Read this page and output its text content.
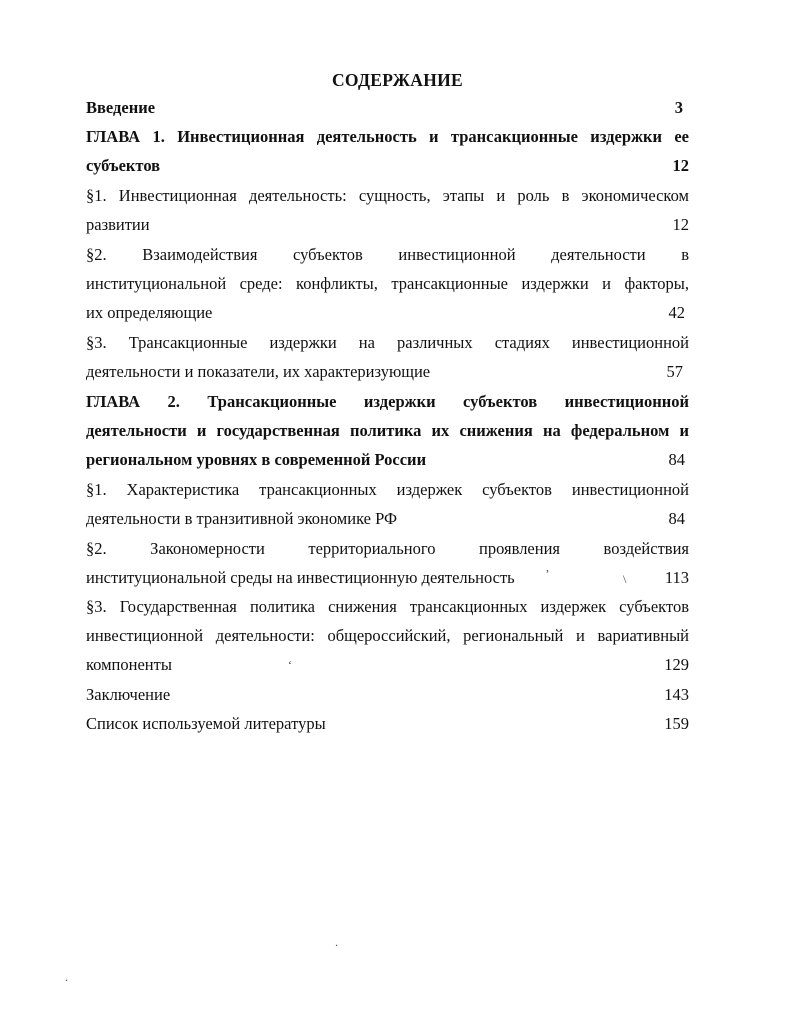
СОДЕРЖАНИЕ
Введение	3
ГЛАВА 1. Инвестиционная деятельность и трансакционные издержки ее
субъектов	12
§1. Инвестиционная деятельность: сущность, этапы и роль в экономическом
развитии	12
§2. Взаимодействия субъектов инвестиционной деятельности в
институциональной среде: конфликты, трансакционные издержки и факторы,
их определяющие	42
§3. Трансакционные издержки на различных стадиях инвестиционной
деятельности и показатели, их характеризующие	57
ГЛАВА 2. Трансакционные издержки субъектов инвестиционной
деятельности и государственная политика их снижения на федеральном и
региональном уровнях в современной России	84
§1. Характеристика трансакционных издержек субъектов инвестиционной
деятельности в транзитивной экономике РФ	84
§2. Закономерности территориального проявления воздействия
институциональной среды на инвестиционную деятельность	113
§3. Государственная политика снижения трансакционных издержек субъектов
инвестиционной деятельности: общероссийский, региональный и вариативный
компоненты	129
Заключение	143
Список используемой литературы	159
\
,
‘
.
.
